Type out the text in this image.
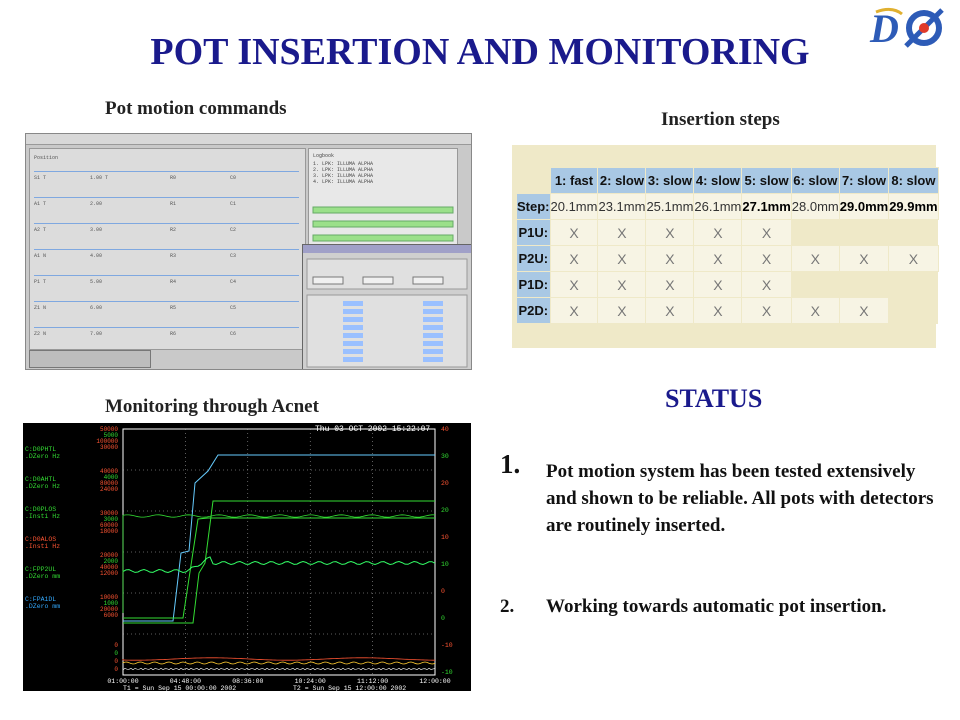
POT INSERTION AND MONITORING
D
Pot motion commands
Insertion steps
Monitoring through Acnet
Position
S1 T	1.00 T	R0	C0
A1 T	2.00	R1	C1
A2 T	3.00	R2	C2
A1 N	4.00	R3	C3
P1 T	5.00	R4	C4
Z1 N	6.00	R5	C5
Z2 N	7.00	R6	C6
Logbook
1. LPK: ILLUMA ALPHA
2. LPK: ILLUMA ALPHA
3. LPK: ILLUMA ALPHA
4. LPK: ILLUMA ALPHA
		1: fast	2: slow	3: slow	4: slow	5: slow	6: slow	7: slow	8: slow
Step:	20.1mm	23.1mm	25.1mm	26.1mm	27.1mm	28.0mm	29.0mm	29.9mm
P1U:	X	X	X	X	X			
P2U:	X	X	X	X	X	X	X	X
P1D:	X	X	X	X	X			
P2D:	X	X	X	X	X	X	X	
Thu 03-OCT-2002 15:22:07
C:D0PHTL
.DZero Hz
C:D0AHTL
.DZero Hz
C:D0PLOS
.Insti Hz
C:D0ALOS
.Insti Hz
C:FPP2UL
.DZero mm
C:FPA1DL
.DZero mm
50000
5000
100000
30000
40000
4000
80000
24000
30000
3000
60000
18000
20000
2000
40000
12000
10000
1000
20000
6000
0
0
0
0
40
30
20
20
10
10
0
0
-10
-10
01:00:00	04:48:00	08:36:00	10:24:00	11:12:00	12:00:00
T1 = Sun Sep 15 00:00:00 2002	T2 = Sun Sep 15 12:00:00 2002
STATUS
1. Pot motion system has been tested extensively and shown to be reliable. All pots with detectors are routinely inserted.
2. Working towards automatic pot insertion.
